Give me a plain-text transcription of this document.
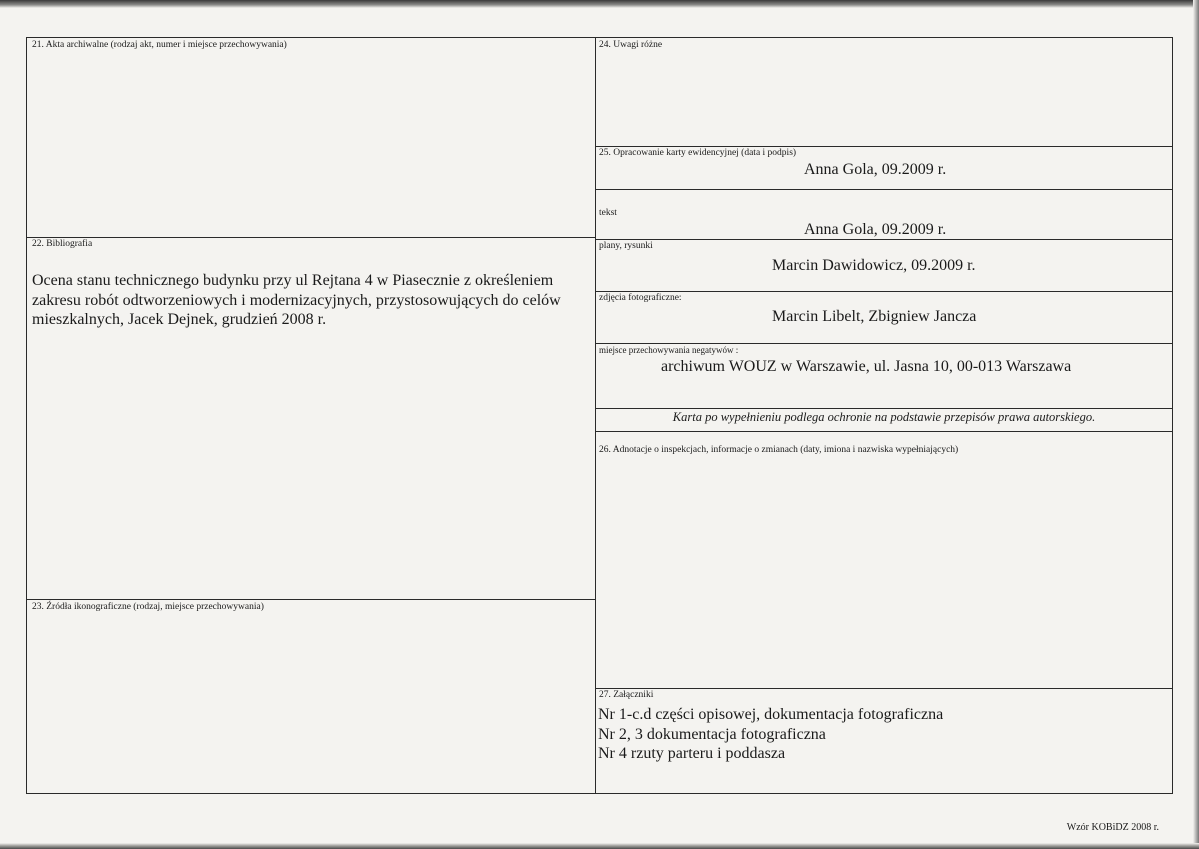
21. Akta archiwalne (rodzaj akt, numer i miejsce przechowywania)
22. Bibliografia
Ocena stanu technicznego budynku przy ul Rejtana 4 w Piasecznie z określeniem zakresu robót odtworzeniowych i modernizacyjnych, przystosowujących do celów mieszkalnych, Jacek Dejnek, grudzień 2008 r.
23. Źródła ikonograficzne (rodzaj, miejsce przechowywania)
24. Uwagi różne
25. Opracowanie karty ewidencyjnej (data i podpis)
Anna Gola, 09.2009 r.
tekst
Anna Gola, 09.2009 r.
plany, rysunki
Marcin Dawidowicz, 09.2009 r.
zdjęcia fotograficzne:
Marcin Libelt, Zbigniew Jancza
miejsce przechowywania negatywów :
archiwum WOUZ w Warszawie, ul. Jasna 10, 00-013 Warszawa
Karta po wypełnieniu podlega ochronie na podstawie przepisów prawa autorskiego.
26. Adnotacje o inspekcjach, informacje o zmianach (daty, imiona i nazwiska wypełniających)
27. Załączniki
Nr 1-c.d części opisowej, dokumentacja fotograficzna
Nr 2, 3 dokumentacja fotograficzna
Nr 4 rzuty parteru i poddasza
Wzór KOBiDZ 2008 r.
